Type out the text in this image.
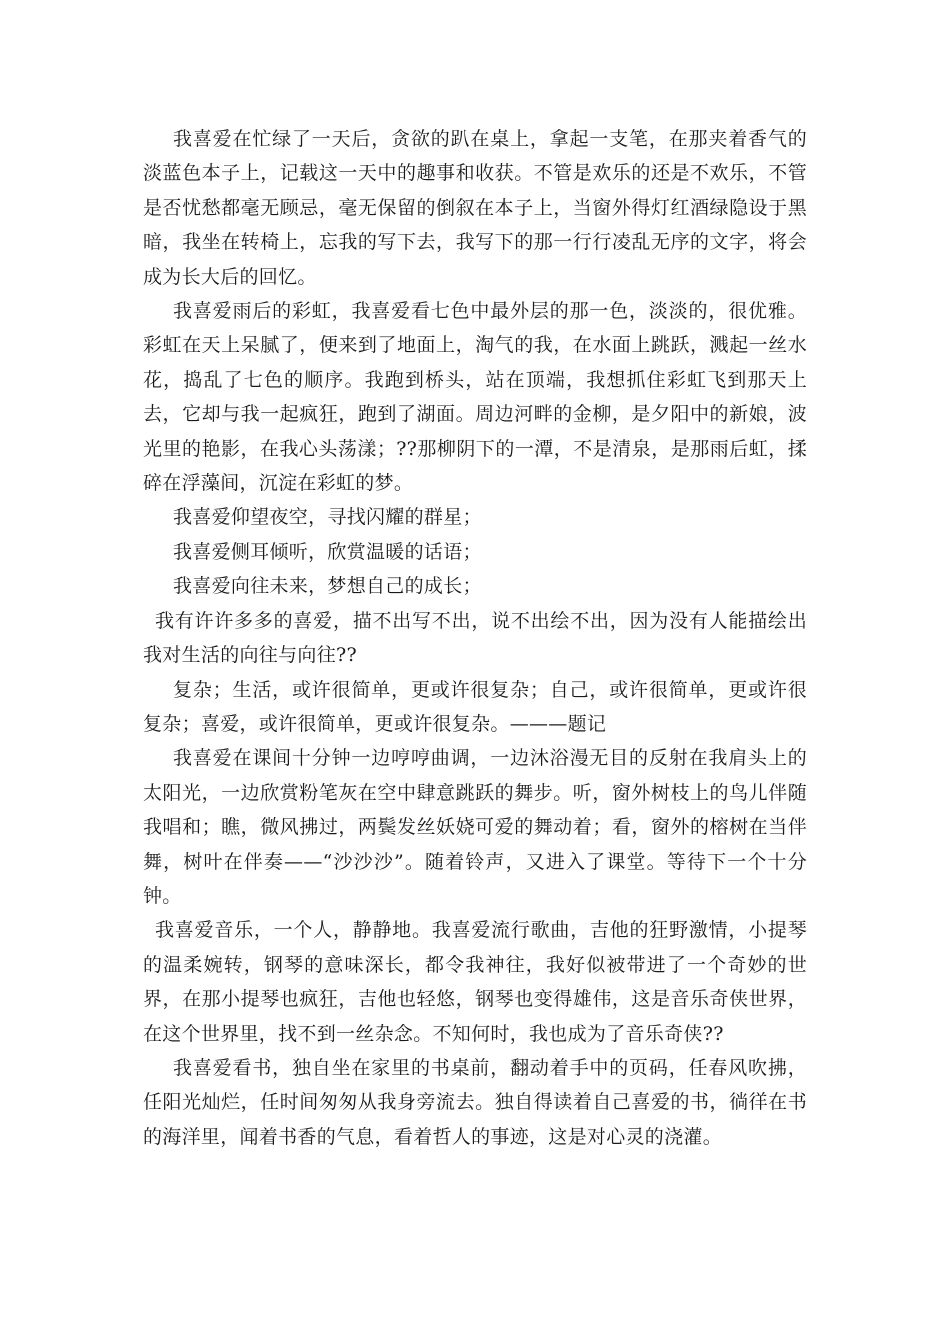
我喜爱在忙绿了一天后，贪欲的趴在桌上，拿起一支笔，在那夹着香气的淡蓝色本子上，记载这一天中的趣事和收获。不管是欢乐的还是不欢乐，不管是否忧愁都毫无顾忌，毫无保留的倒叙在本子上，当窗外得灯红酒绿隐设于黑暗，我坐在转椅上，忘我的写下去，我写下的那一行行凌乱无序的文字，将会成为长大后的回忆。

我喜爱雨后的彩虹，我喜爱看七色中最外层的那一色，淡淡的，很优雅。彩虹在天上呆腻了，便来到了地面上，淘气的我，在水面上跳跃，溅起一丝水花，捣乱了七色的顺序。我跑到桥头，站在顶端，我想抓住彩虹飞到那天上去，它却与我一起疯狂，跑到了湖面。周边河畔的金柳，是夕阳中的新娘，波光里的艳影，在我心头荡漾；??那柳阴下的一潭，不是清泉，是那雨后虹，揉碎在浮藻间，沉淀在彩虹的梦。

我喜爱仰望夜空，寻找闪耀的群星；

我喜爱侧耳倾听，欣赏温暖的话语；

我喜爱向往未来，梦想自己的成长；

我有许许多多的喜爱，描不出写不出，说不出绘不出，因为没有人能描绘出我对生活的向往与向往??

复杂；生活，或许很简单，更或许很复杂；自己，或许很简单，更或许很复杂；喜爱，或许很简单，更或许很复杂。———题记

我喜爱在课间十分钟一边哼哼曲调，一边沐浴漫无目的反射在我肩头上的太阳光，一边欣赏粉笔灰在空中肆意跳跃的舞步。听，窗外树枝上的鸟儿伴随我唱和；瞧，微风拂过，两鬓发丝妖娆可爱的舞动着；看，窗外的榕树在当伴舞，树叶在伴奏——“沙沙沙”。随着铃声，又进入了课堂。等待下一个十分钟。

我喜爱音乐，一个人，静静地。我喜爱流行歌曲，吉他的狂野激情，小提琴的温柔婉转，钢琴的意味深长，都令我神往，我好似被带进了一个奇妙的世界，在那小提琴也疯狂，吉他也轻悠，钢琴也变得雄伟，这是音乐奇侠世界，在这个世界里，找不到一丝杂念。不知何时，我也成为了音乐奇侠??

我喜爱看书，独自坐在家里的书桌前，翻动着手中的页码，任春风吹拂，任阳光灿烂，任时间匆匆从我身旁流去。独自得读着自己喜爱的书，徜徉在书的海洋里，闻着书香的气息，看着哲人的事迹，这是对心灵的浇灌。
